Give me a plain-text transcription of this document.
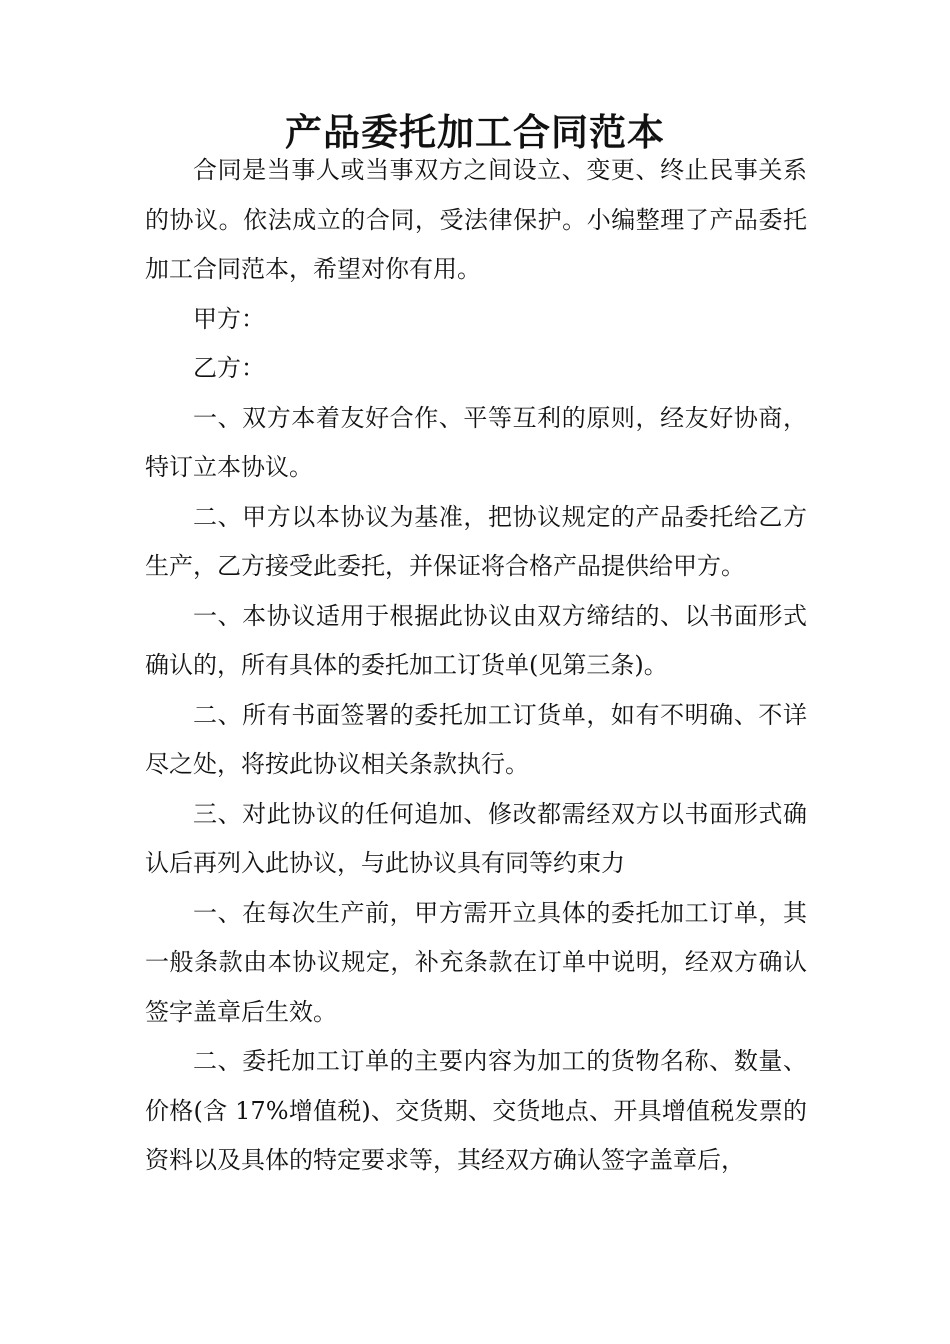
产品委托加工合同范本

合同是当事人或当事双方之间设立、变更、终止民事关系的协议。依法成立的合同，受法律保护。小编整理了产品委托加工合同范本，希望对你有用。

甲方：

乙方：

一、双方本着友好合作、平等互利的原则，经友好协商，特订立本协议。

二、甲方以本协议为基准，把协议规定的产品委托给乙方生产，乙方接受此委托，并保证将合格产品提供给甲方。

一、本协议适用于根据此协议由双方缔结的、以书面形式确认的，所有具体的委托加工订货单(见第三条)。

二、所有书面签署的委托加工订货单，如有不明确、不详尽之处，将按此协议相关条款执行。

三、对此协议的任何追加、修改都需经双方以书面形式确认后再列入此协议，与此协议具有同等约束力

一、在每次生产前，甲方需开立具体的委托加工订单，其一般条款由本协议规定，补充条款在订单中说明，经双方确认签字盖章后生效。

二、委托加工订单的主要内容为加工的货物名称、数量、价格(含 17%增值税)、交货期、交货地点、开具增值税发票的资料以及具体的特定要求等，其经双方确认签字盖章后，
